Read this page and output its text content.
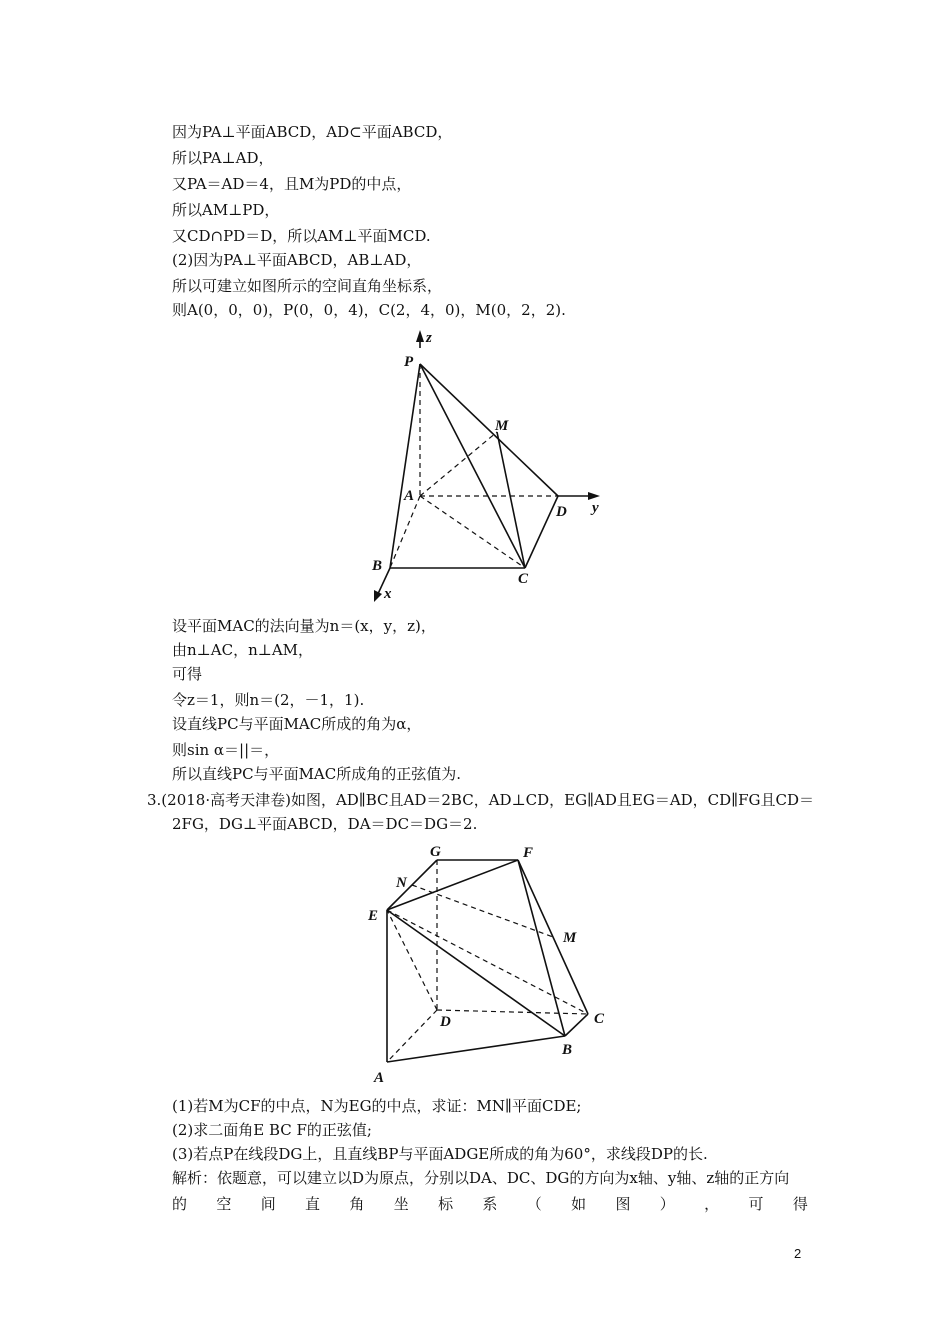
因为PA⊥平面ABCD，AD⊂平面ABCD，
所以PA⊥AD，
又PA＝AD＝4，且M为PD的中点，
所以AM⊥PD，
又CD∩PD＝D，所以AM⊥平面MCD.
(2)因为PA⊥平面ABCD，AB⊥AD，
所以可建立如图所示的空间直角坐标系，
则A(0，0，0)，P(0，0，4)，C(2，4，0)，M(0，2，2).
P
z
M
A
D y
B
C
x
设平面MAC的法向量为n＝(x，y，z)，
由n⊥AC，n⊥AM，
可得
令z＝1，则n＝(2，－1，1).
设直线PC与平面MAC所成的角为α，
则sin α＝||＝，
所以直线PC与平面MAC所成角的正弦值为.
3.(2018·高考天津卷)如图，AD∥BC且AD＝2BC，AD⊥CD，EG∥AD且EG＝AD，CD∥FG且CD＝
2FG，DG⊥平面ABCD，DA＝DC＝DG＝2.
G	F
N
E
M
D	C
B
A
(1)若M为CF的中点，N为EG的中点，求证：MN∥平面CDE;
(2)求二面角E BC F的正弦值;
(3)若点P在线段DG上，且直线BP与平面ADGE所成的角为60°，求线段DP的长.
解析：依题意，可以建立以D为原点，分别以DA、DC、DG的方向为x轴、y轴、z轴的正方向
的 空 间 直 角 坐 标 系 （ 如 图 ） ， 可 得
2
